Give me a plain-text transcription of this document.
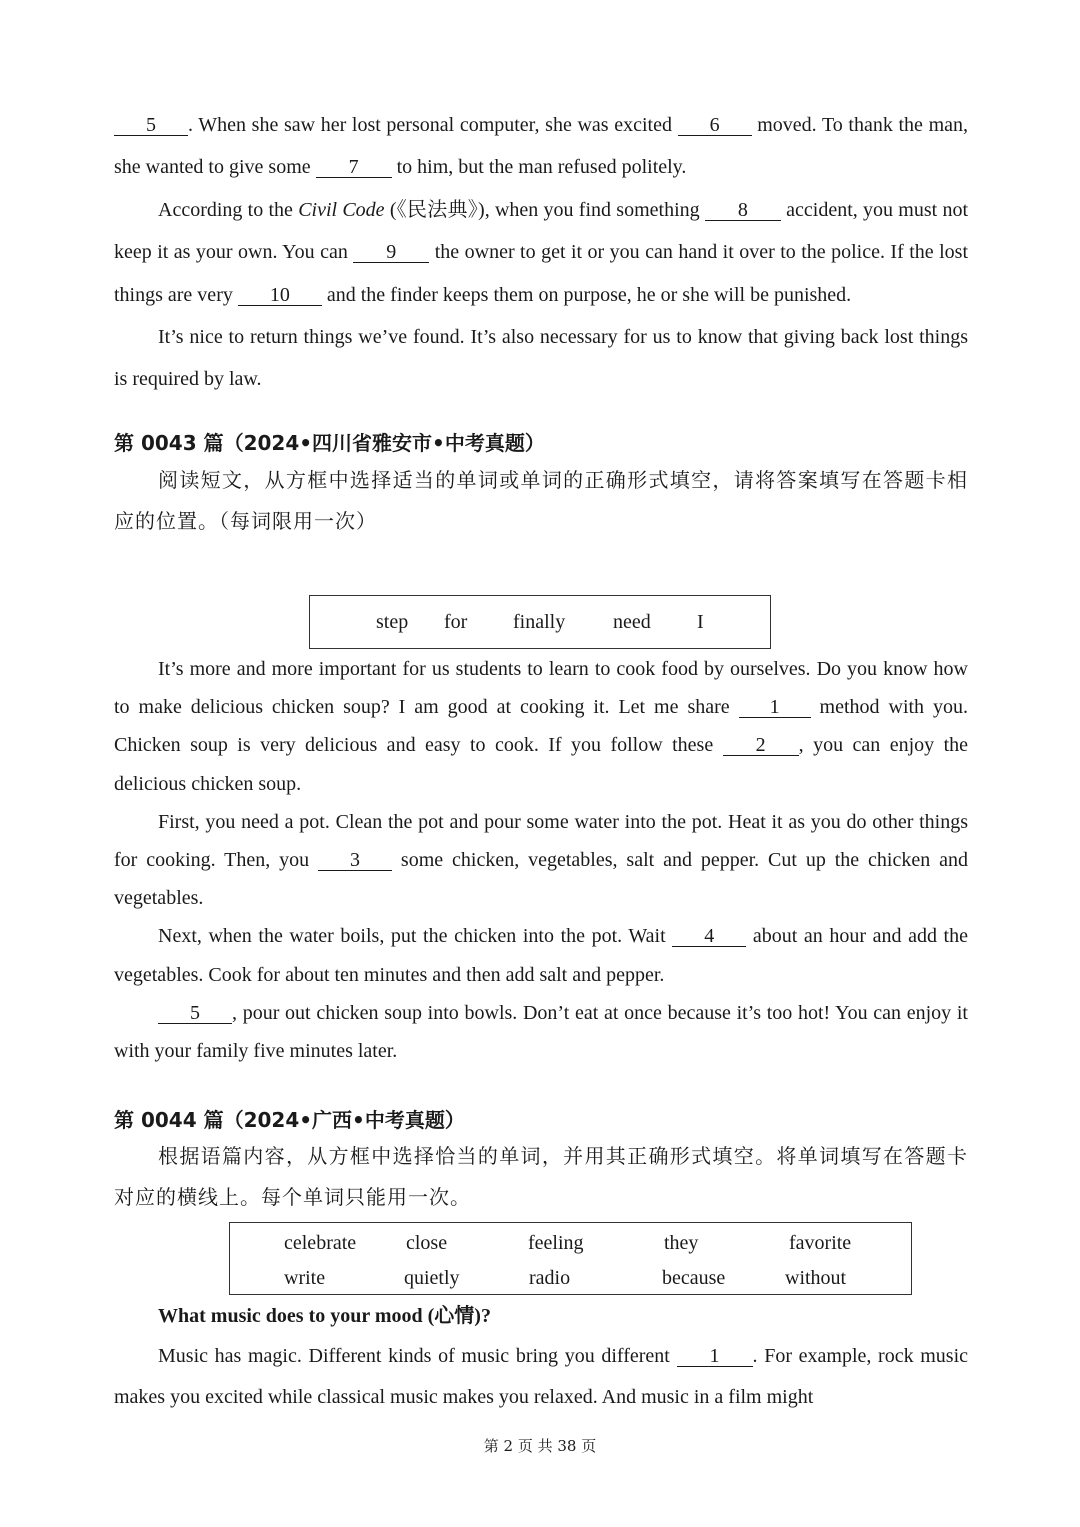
5 . When she saw her lost personal computer, she was excited 6 moved. To thank the man, she wanted to give some 7 to him, but the man refused politely.

According to the Civil Code (《民法典》), when you find something 8 accident, you must not keep it as your own. You can 9 the owner to get it or you can hand it over to the police. If the lost things are very 10 and the finder keeps them on purpose, he or she will be punished.

It’s nice to return things we’ve found. It’s also necessary for us to know that giving back lost things is required by law.

第 0043 篇（2024•四川省雅安市•中考真题）

阅读短文，从方框中选择适当的单词或单词的正确形式填空，请将答案填写在答题卡相应的位置。（每词限用一次）

step for finally need I

It’s more and more important for us students to learn to cook food by ourselves. Do you know how to make delicious chicken soup? I am good at cooking it. Let me share 1 method with you. Chicken soup is very delicious and easy to cook. If you follow these 2 , you can enjoy the delicious chicken soup.

First, you need a pot. Clean the pot and pour some water into the pot. Heat it as you do other things for cooking. Then, you 3 some chicken, vegetables, salt and pepper. Cut up the chicken and vegetables.

Next, when the water boils, put the chicken into the pot. Wait 4 about an hour and add the vegetables. Cook for about ten minutes and then add salt and pepper.

5 , pour out chicken soup into bowls. Don’t eat at once because it’s too hot! You can enjoy it with your family five minutes later.

第 0044 篇（2024•广西•中考真题）

根据语篇内容，从方框中选择恰当的单词，并用其正确形式填空。将单词填写在答题卡对应的横线上。每个单词只能用一次。

celebrate close	feeling	they	favorite
write	quietly	radio	because	without

What music does to your mood (心情)?

Music has magic. Different kinds of music bring you different 1 . For example, rock music makes you excited while classical music makes you relaxed. And music in a film might

第 2 页 共 38 页
